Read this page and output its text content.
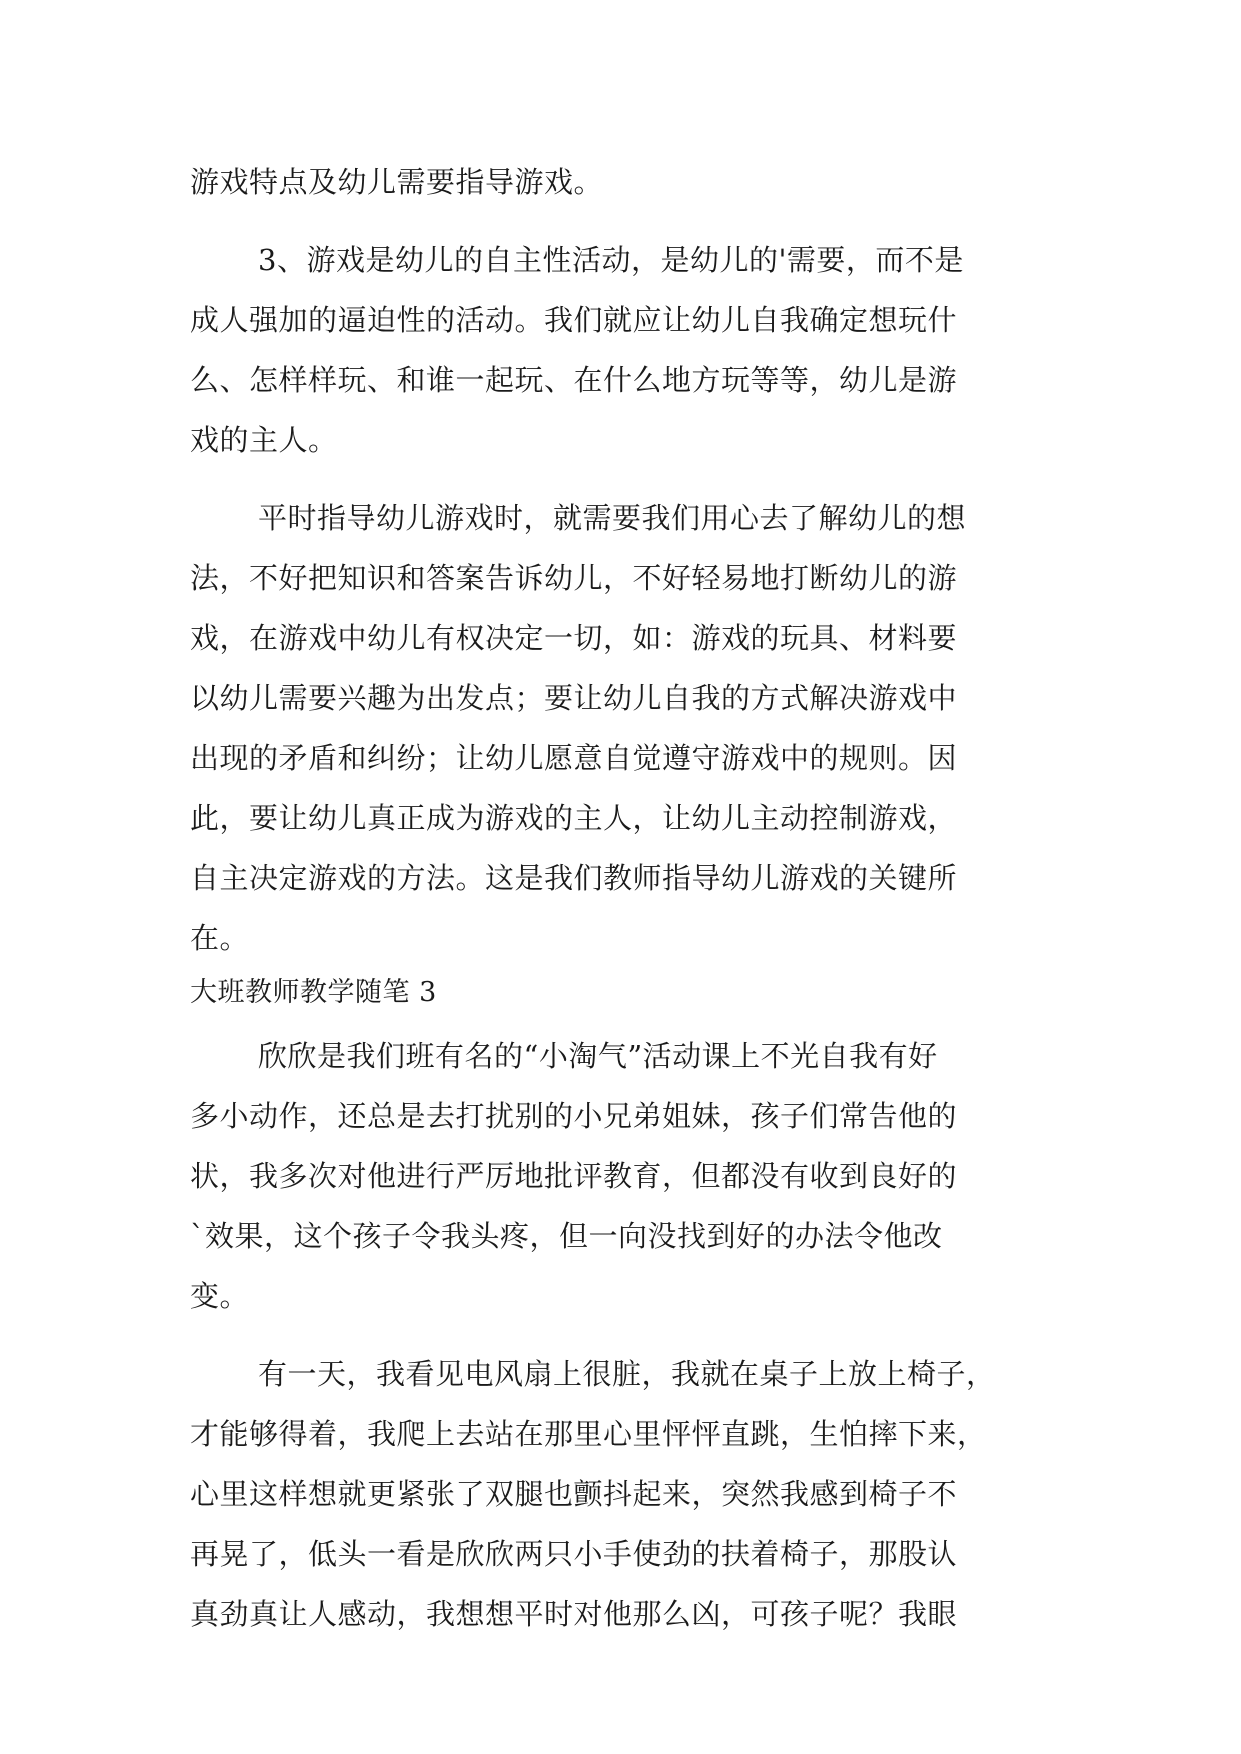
游戏特点及幼儿需要指导游戏。
3、游戏是幼儿的自主性活动，是幼儿的'需要，而不是
成人强加的逼迫性的活动。我们就应让幼儿自我确定想玩什
么、怎样样玩、和谁一起玩、在什么地方玩等等，幼儿是游
戏的主人。
平时指导幼儿游戏时，就需要我们用心去了解幼儿的想
法，不好把知识和答案告诉幼儿，不好轻易地打断幼儿的游
戏，在游戏中幼儿有权决定一切，如：游戏的玩具、材料要
以幼儿需要兴趣为出发点；要让幼儿自我的方式解决游戏中
出现的矛盾和纠纷；让幼儿愿意自觉遵守游戏中的规则。因
此，要让幼儿真正成为游戏的主人，让幼儿主动控制游戏，
自主决定游戏的方法。这是我们教师指导幼儿游戏的关键所
在。
大班教师教学随笔 3
欣欣是我们班有名的“小淘气”活动课上不光自我有好
多小动作，还总是去打扰别的小兄弟姐妹，孩子们常告他的
状，我多次对他进行严厉地批评教育，但都没有收到良好的
`效果，这个孩子令我头疼，但一向没找到好的办法令他改
变。
有一天，我看见电风扇上很脏，我就在桌子上放上椅子，
才能够得着，我爬上去站在那里心里怦怦直跳，生怕摔下来，
心里这样想就更紧张了双腿也颤抖起来，突然我感到椅子不
再晃了，低头一看是欣欣两只小手使劲的扶着椅子，那股认
真劲真让人感动，我想想平时对他那么凶，可孩子呢？我眼
